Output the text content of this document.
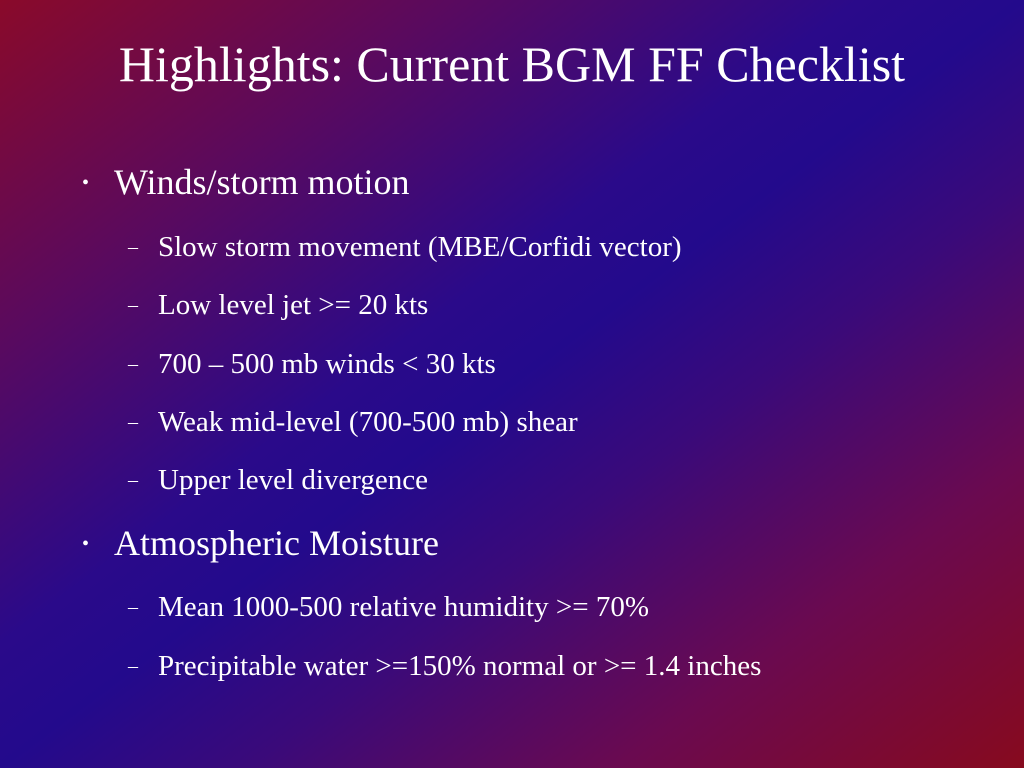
Highlights: Current BGM FF Checklist
• Winds/storm motion
– Slow storm movement (MBE/Corfidi vector)
– Low level jet >= 20 kts
– 700 – 500 mb winds < 30 kts
– Weak mid-level (700-500 mb) shear
– Upper level divergence
• Atmospheric Moisture
– Mean 1000-500 relative humidity >= 70%
– Precipitable water >=150% normal or >= 1.4 inches
